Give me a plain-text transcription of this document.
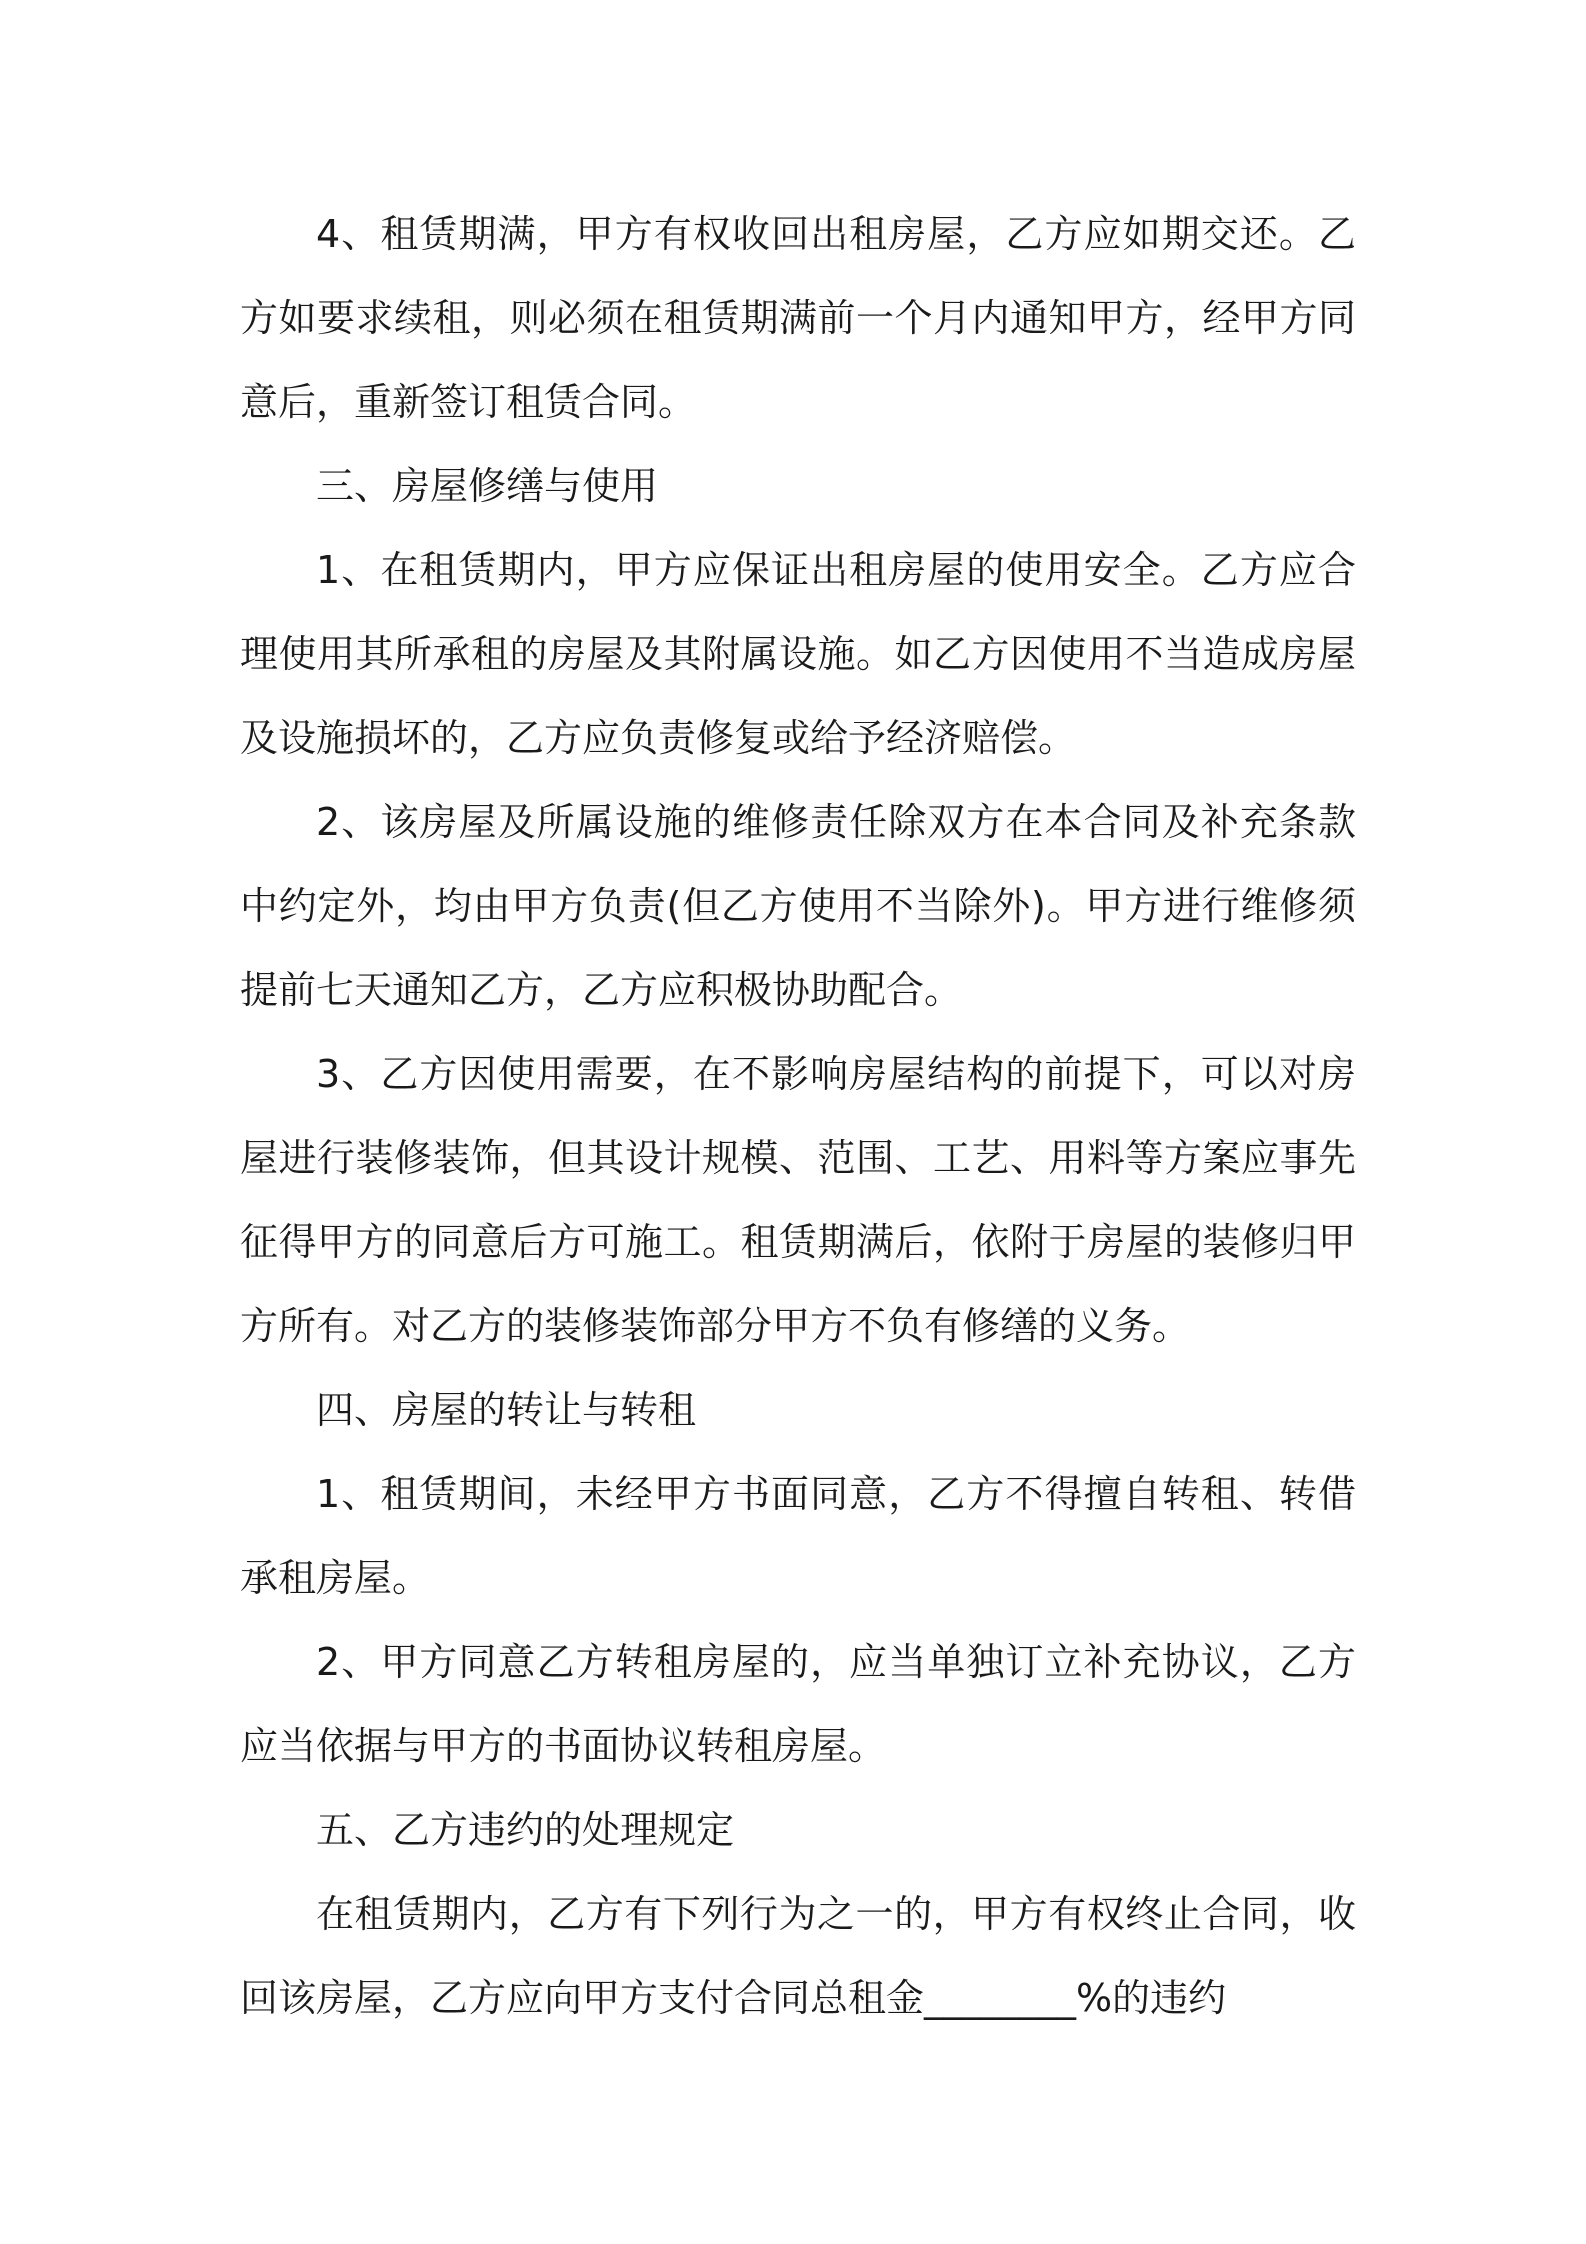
4、租赁期满，甲方有权收回出租房屋，乙方应如期交还。乙方如要求续租，则必须在租赁期满前一个月内通知甲方，经甲方同意后，重新签订租赁合同。

三、房屋修缮与使用

1、在租赁期内，甲方应保证出租房屋的使用安全。乙方应合理使用其所承租的房屋及其附属设施。如乙方因使用不当造成房屋及设施损坏的，乙方应负责修复或给予经济赔偿。

2、该房屋及所属设施的维修责任除双方在本合同及补充条款中约定外，均由甲方负责(但乙方使用不当除外)。甲方进行维修须提前七天通知乙方，乙方应积极协助配合。

3、乙方因使用需要，在不影响房屋结构的前提下，可以对房屋进行装修装饰，但其设计规模、范围、工艺、用料等方案应事先征得甲方的同意后方可施工。租赁期满后，依附于房屋的装修归甲方所有。对乙方的装修装饰部分甲方不负有修缮的义务。

四、房屋的转让与转租

1、租赁期间，未经甲方书面同意，乙方不得擅自转租、转借承租房屋。

2、甲方同意乙方转租房屋的，应当单独订立补充协议，乙方应当依据与甲方的书面协议转租房屋。

五、乙方违约的处理规定

在租赁期内，乙方有下列行为之一的，甲方有权终止合同，收回该房屋，乙方应向甲方支付合同总租金________%的违约
